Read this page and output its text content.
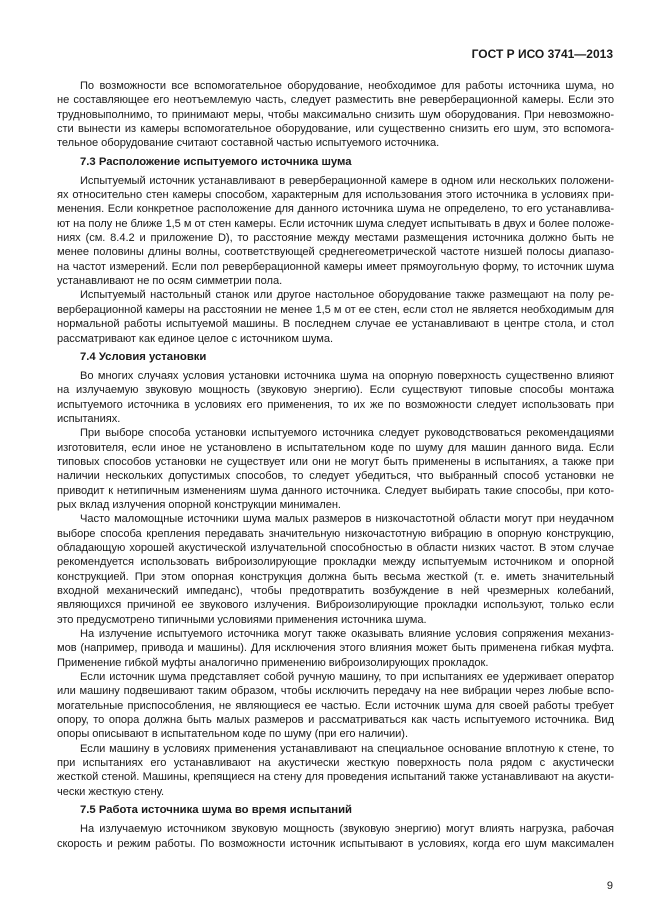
ГОСТ Р ИСО 3741—2013
По возможности все вспомогательное оборудование, необходимое для работы источника шума, но
не составляющее его неотъемлемую часть, следует разместить вне реверберационной камеры. Если это
трудновыполнимо, то принимают меры, чтобы максимально снизить шум оборудования. При невозможно-
сти вынести из камеры вспомогательное оборудование, или существенно снизить его шум, это вспомога-
тельное оборудование считают составной частью испытуемого источника.
7.3 Расположение испытуемого источника шума
Испытуемый источник устанавливают в реверберационной камере в одном или нескольких положени-
ях относительно стен камеры способом, характерным для использования этого источника в условиях при-
менения. Если конкретное расположение для данного источника шума не определено, то его устанавлива-
ют на полу не ближе 1,5 м от стен камеры. Если источник шума следует испытывать в двух и более положе-
ниях (см. 8.4.2 и приложение D), то расстояние между местами размещения источника должно быть не
менее половины длины волны, соответствующей среднегеометрической частоте низшей полосы диапазо-
на частот измерений. Если пол реверберационной камеры имеет прямоугольную форму, то источник шума
устанавливают не по осям симметрии пола.
Испытуемый настольный станок или другое настольное оборудование также размещают на полу ре-
верберационной камеры на расстоянии не менее 1,5 м от ее стен, если стол не является необходимым для
нормальной работы испытуемой машины. В последнем случае ее устанавливают в центре стола, и стол
рассматривают как единое целое с источником шума.
7.4 Условия установки
Во многих случаях условия установки источника шума на опорную поверхность существенно влияют
на излучаемую звуковую мощность (звуковую энергию). Если существуют типовые способы монтажа
испытуемого источника в условиях его применения, то их же по возможности следует использовать при
испытаниях.
При выборе способа установки испытуемого источника следует руководствоваться рекомендациями
изготовителя, если иное не установлено в испытательном коде по шуму для машин данного вида. Если
типовых способов установки не существует или они не могут быть применены в испытаниях, а также при
наличии нескольких допустимых способов, то следует убедиться, что выбранный способ установки не
приводит к нетипичным изменениям шума данного источника. Следует выбирать такие способы, при кото-
рых вклад излучения опорной конструкции минимален.
Часто маломощные источники шума малых размеров в низкочастотной области могут при неудачном
выборе способа крепления передавать значительную низкочастотную вибрацию в опорную конструкцию,
обладающую хорошей акустической излучательной способностью в области низких частот. В этом случае
рекомендуется использовать виброизолирующие прокладки между испытуемым источником и опорной
конструкцией. При этом опорная конструкция должна быть весьма жесткой (т. е. иметь значительный
входной механический импеданс), чтобы предотвратить возбуждение в ней чрезмерных колебаний,
являющихся причиной ее звукового излучения. Виброизолирующие прокладки используют, только если
это предусмотрено типичными условиями применения источника шума.
На излучение испытуемого источника могут также оказывать влияние условия сопряжения механиз-
мов (например, привода и машины). Для исключения этого влияния может быть применена гибкая муфта.
Применение гибкой муфты аналогично применению виброизолирующих прокладок.
Если источник шума представляет собой ручную машину, то при испытаниях ее удерживает оператор
или машину подвешивают таким образом, чтобы исключить передачу на нее вибрации через любые вспо-
могательные приспособления, не являющиеся ее частью. Если источник шума для своей работы требует
опору, то опора должна быть малых размеров и рассматриваться как часть испытуемого источника. Вид
опоры описывают в испытательном коде по шуму (при его наличии).
Если машину в условиях применения устанавливают на специальное основание вплотную к стене, то
при испытаниях его устанавливают на акустически жесткую поверхность пола рядом с акустически
жесткой стеной. Машины, крепящиеся на стену для проведения испытаний также устанавливают на акусти-
чески жесткую стену.
7.5 Работа источника шума во время испытаний
На излучаемую источником звуковую мощность (звуковую энергию) могут влиять нагрузка, рабочая
скорость и режим работы. По возможности источник испытывают в условиях, когда его шум максимален
9
